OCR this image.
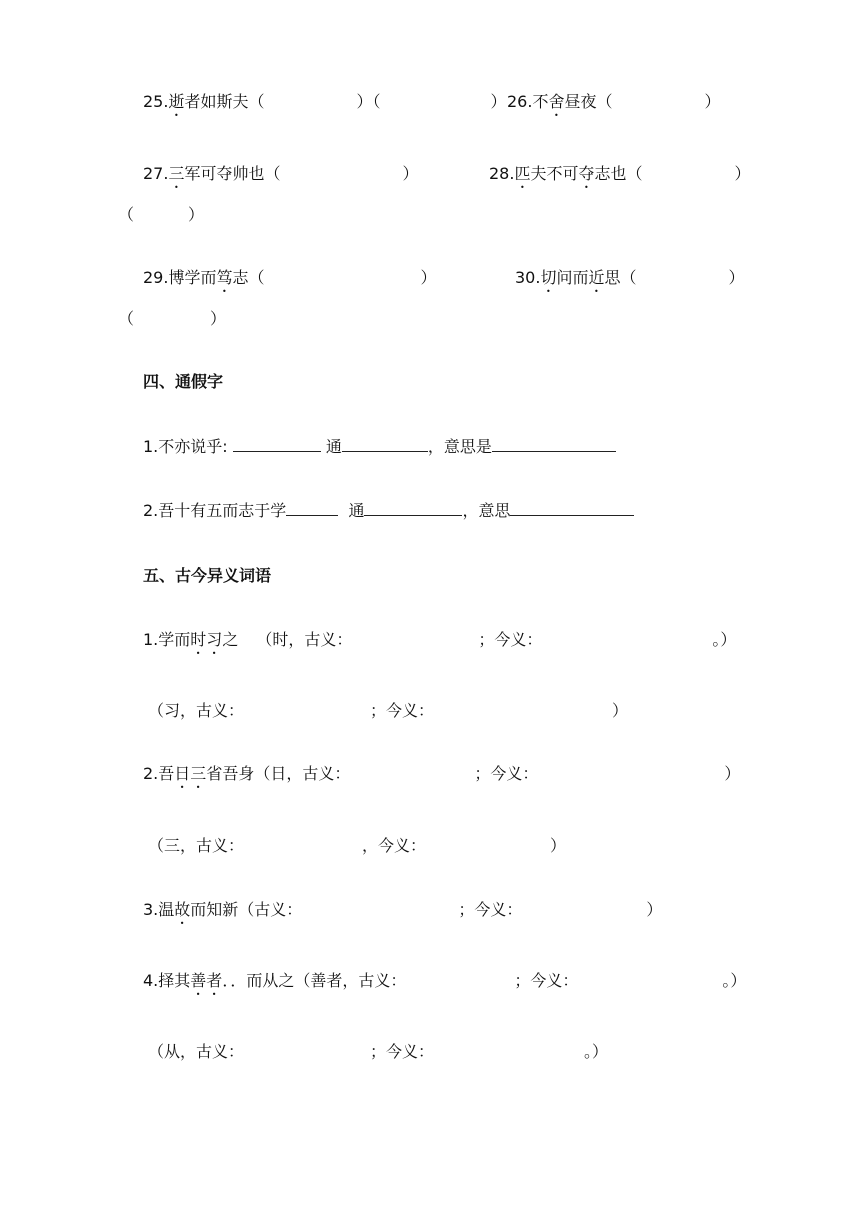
25.逝者如斯夫（	）（	） 26.不舍昼夜（	）
27.三军可夺帅也（	）	28.匹夫不可夺志也（	）
（	）
29.博学而笃志（	）	30.切问而近思（	）
（	）
四、通假字
1.不亦说乎:	通	，意思是
2.吾十有五而志于学	通	，意思
五、古今异义词语
1.学而时习之 （时，古义：	；今义：	。）
（习，古义：	；今义：	）
2.吾日三省吾身（日，古义：	；今义：	）
（三，古义：	，今义：	）
3.温故而知新（古义：	；今义：	）
4.择其善者．．而从之（善者，古义：	；今义：	。）
（从，古义：	；今义：	。）
